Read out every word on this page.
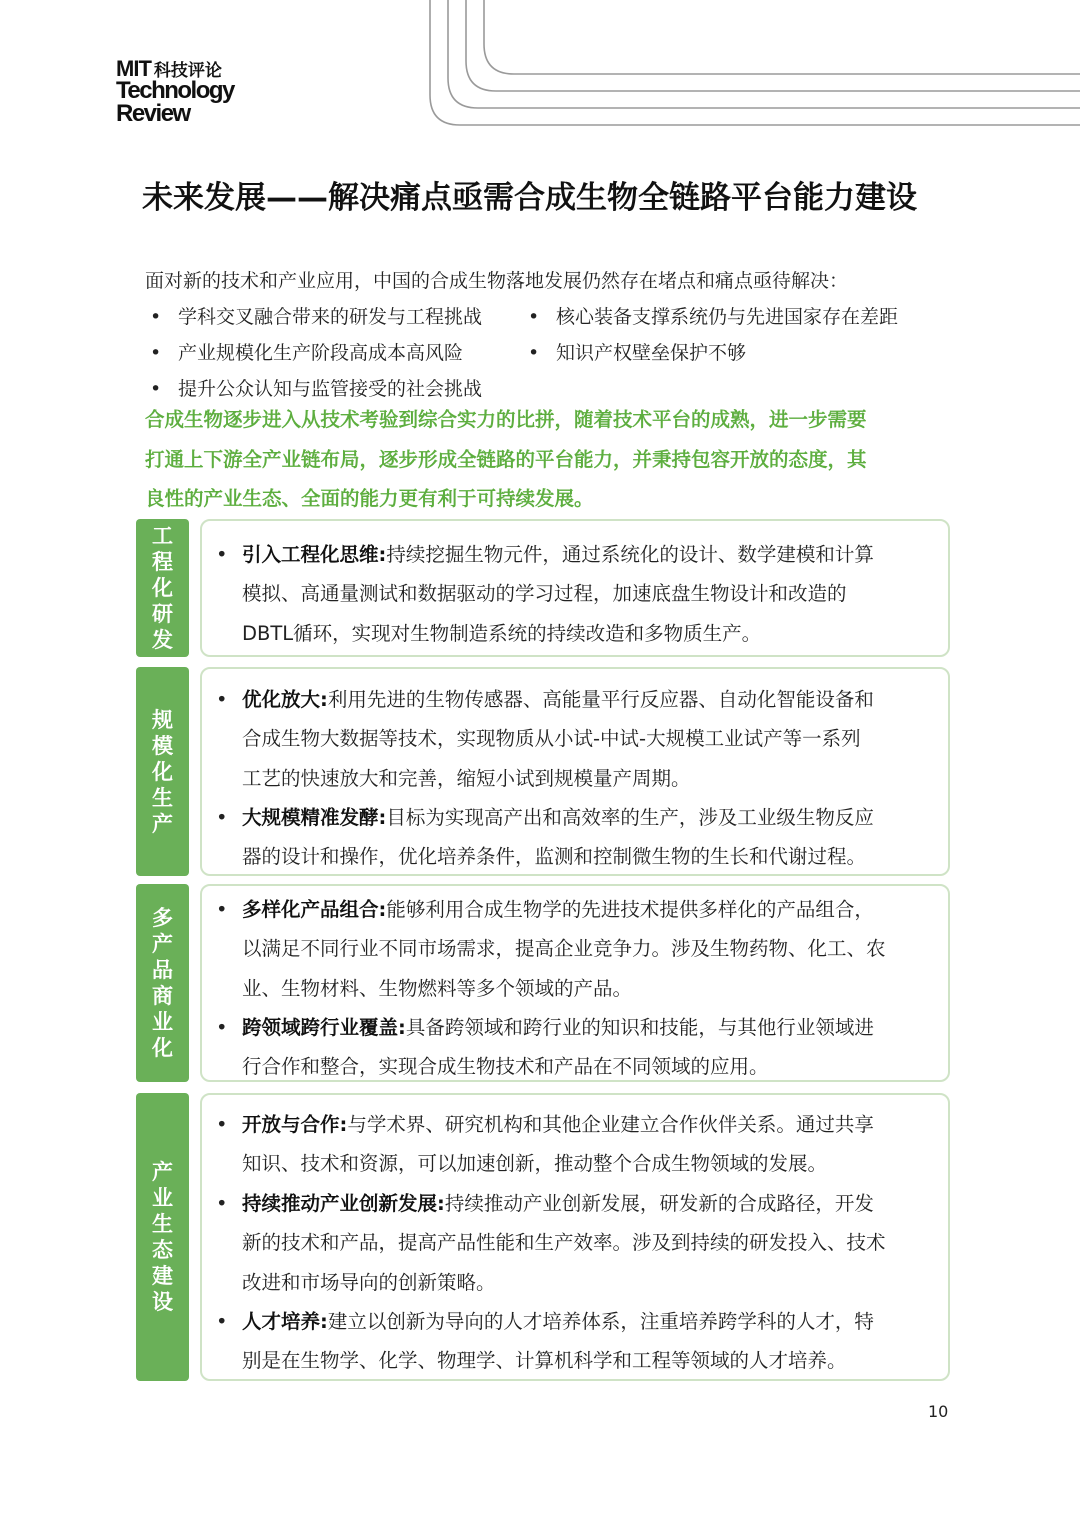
MIT 科技评论
Technology
Review
未来发展——解决痛点亟需合成生物全链路平台能力建设
面对新的技术和产业应用，中国的合成生物落地发展仍然存在堵点和痛点亟待解决：
• 学科交叉融合带来的研发与工程挑战 • 核心装备支撑系统仍与先进国家存在差距
• 产业规模化生产阶段高成本高风险	• 知识产权壁垒保护不够
• 提升公众认知与监管接受的社会挑战
合成生物逐步进入从技术考验到综合实力的比拼，随着技术平台的成熟，进一步需要
打通上下游全产业链布局，逐步形成全链路的平台能力，并秉持包容开放的态度，其
良性的产业生态、全面的能力更有利于可持续发展。
工
程
化
研
发
• 引入工程化思维:持续挖掘生物元件，通过系统化的设计、数学建模和计算
模拟、高通量测试和数据驱动的学习过程，加速底盘生物设计和改造的
DBTL循环，实现对生物制造系统的持续改造和多物质生产。
规
模
化
生
产
• 优化放大:利用先进的生物传感器、高能量平行反应器、自动化智能设备和
合成生物大数据等技术，实现物质从小试-中试-大规模工业试产等一系列
工艺的快速放大和完善，缩短小试到规模量产周期。
• 大规模精准发酵:目标为实现高产出和高效率的生产，涉及工业级生物反应
器的设计和操作，优化培养条件，监测和控制微生物的生长和代谢过程。
多
产
品
商
业
化
• 多样化产品组合:能够利用合成生物学的先进技术提供多样化的产品组合，
以满足不同行业不同市场需求，提高企业竞争力。涉及生物药物、化工、农
业、生物材料、生物燃料等多个领域的产品。
• 跨领域跨行业覆盖:具备跨领域和跨行业的知识和技能，与其他行业领域进
行合作和整合，实现合成生物技术和产品在不同领域的应用。
产
业
生
态
建
设
• 开放与合作:与学术界、研究机构和其他企业建立合作伙伴关系。通过共享
知识、技术和资源，可以加速创新，推动整个合成生物领域的发展。
• 持续推动产业创新发展:持续推动产业创新发展，研发新的合成路径，开发
新的技术和产品，提高产品性能和生产效率。涉及到持续的研发投入、技术
改进和市场导向的创新策略。
• 人才培养:建立以创新为导向的人才培养体系，注重培养跨学科的人才，特
别是在生物学、化学、物理学、计算机科学和工程等领域的人才培养。
10
